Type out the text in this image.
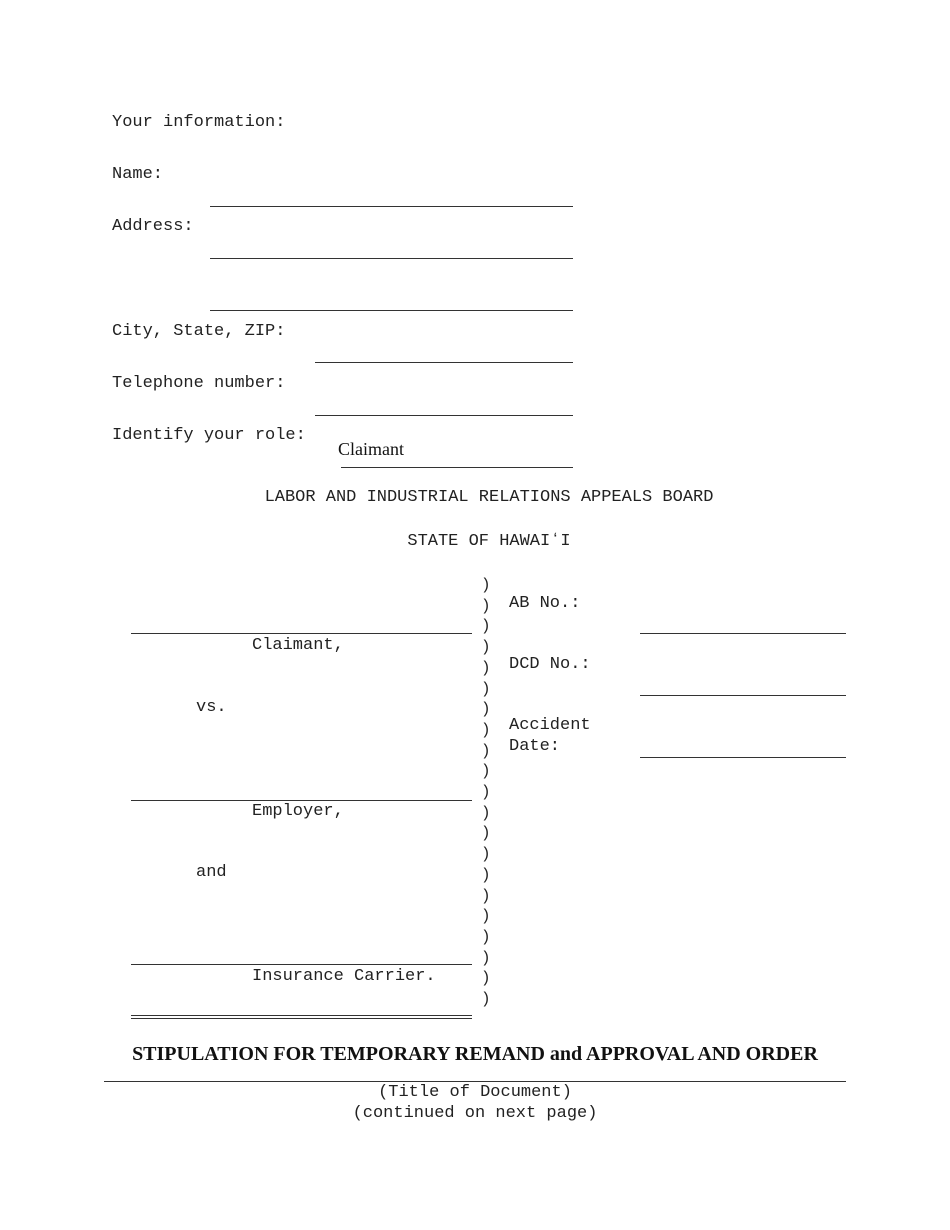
Your information:
Name:
Address:
City, State, ZIP:
Telephone number:
Identify your role:
Claimant
LABOR AND INDUSTRIAL RELATIONS APPEALS BOARD
STATE OF HAWAIʻI
Claimant,
vs.
Employer,
and
Insurance Carrier.
)
)
)
)
)
)
)
)
)
)
)
)
)
)
)
)
)
)
)
)
)
AB No.:
DCD No.:
Accident
Date:
STIPULATION FOR TEMPORARY REMAND and APPROVAL AND ORDER
(Title of Document)
(continued on next page)
